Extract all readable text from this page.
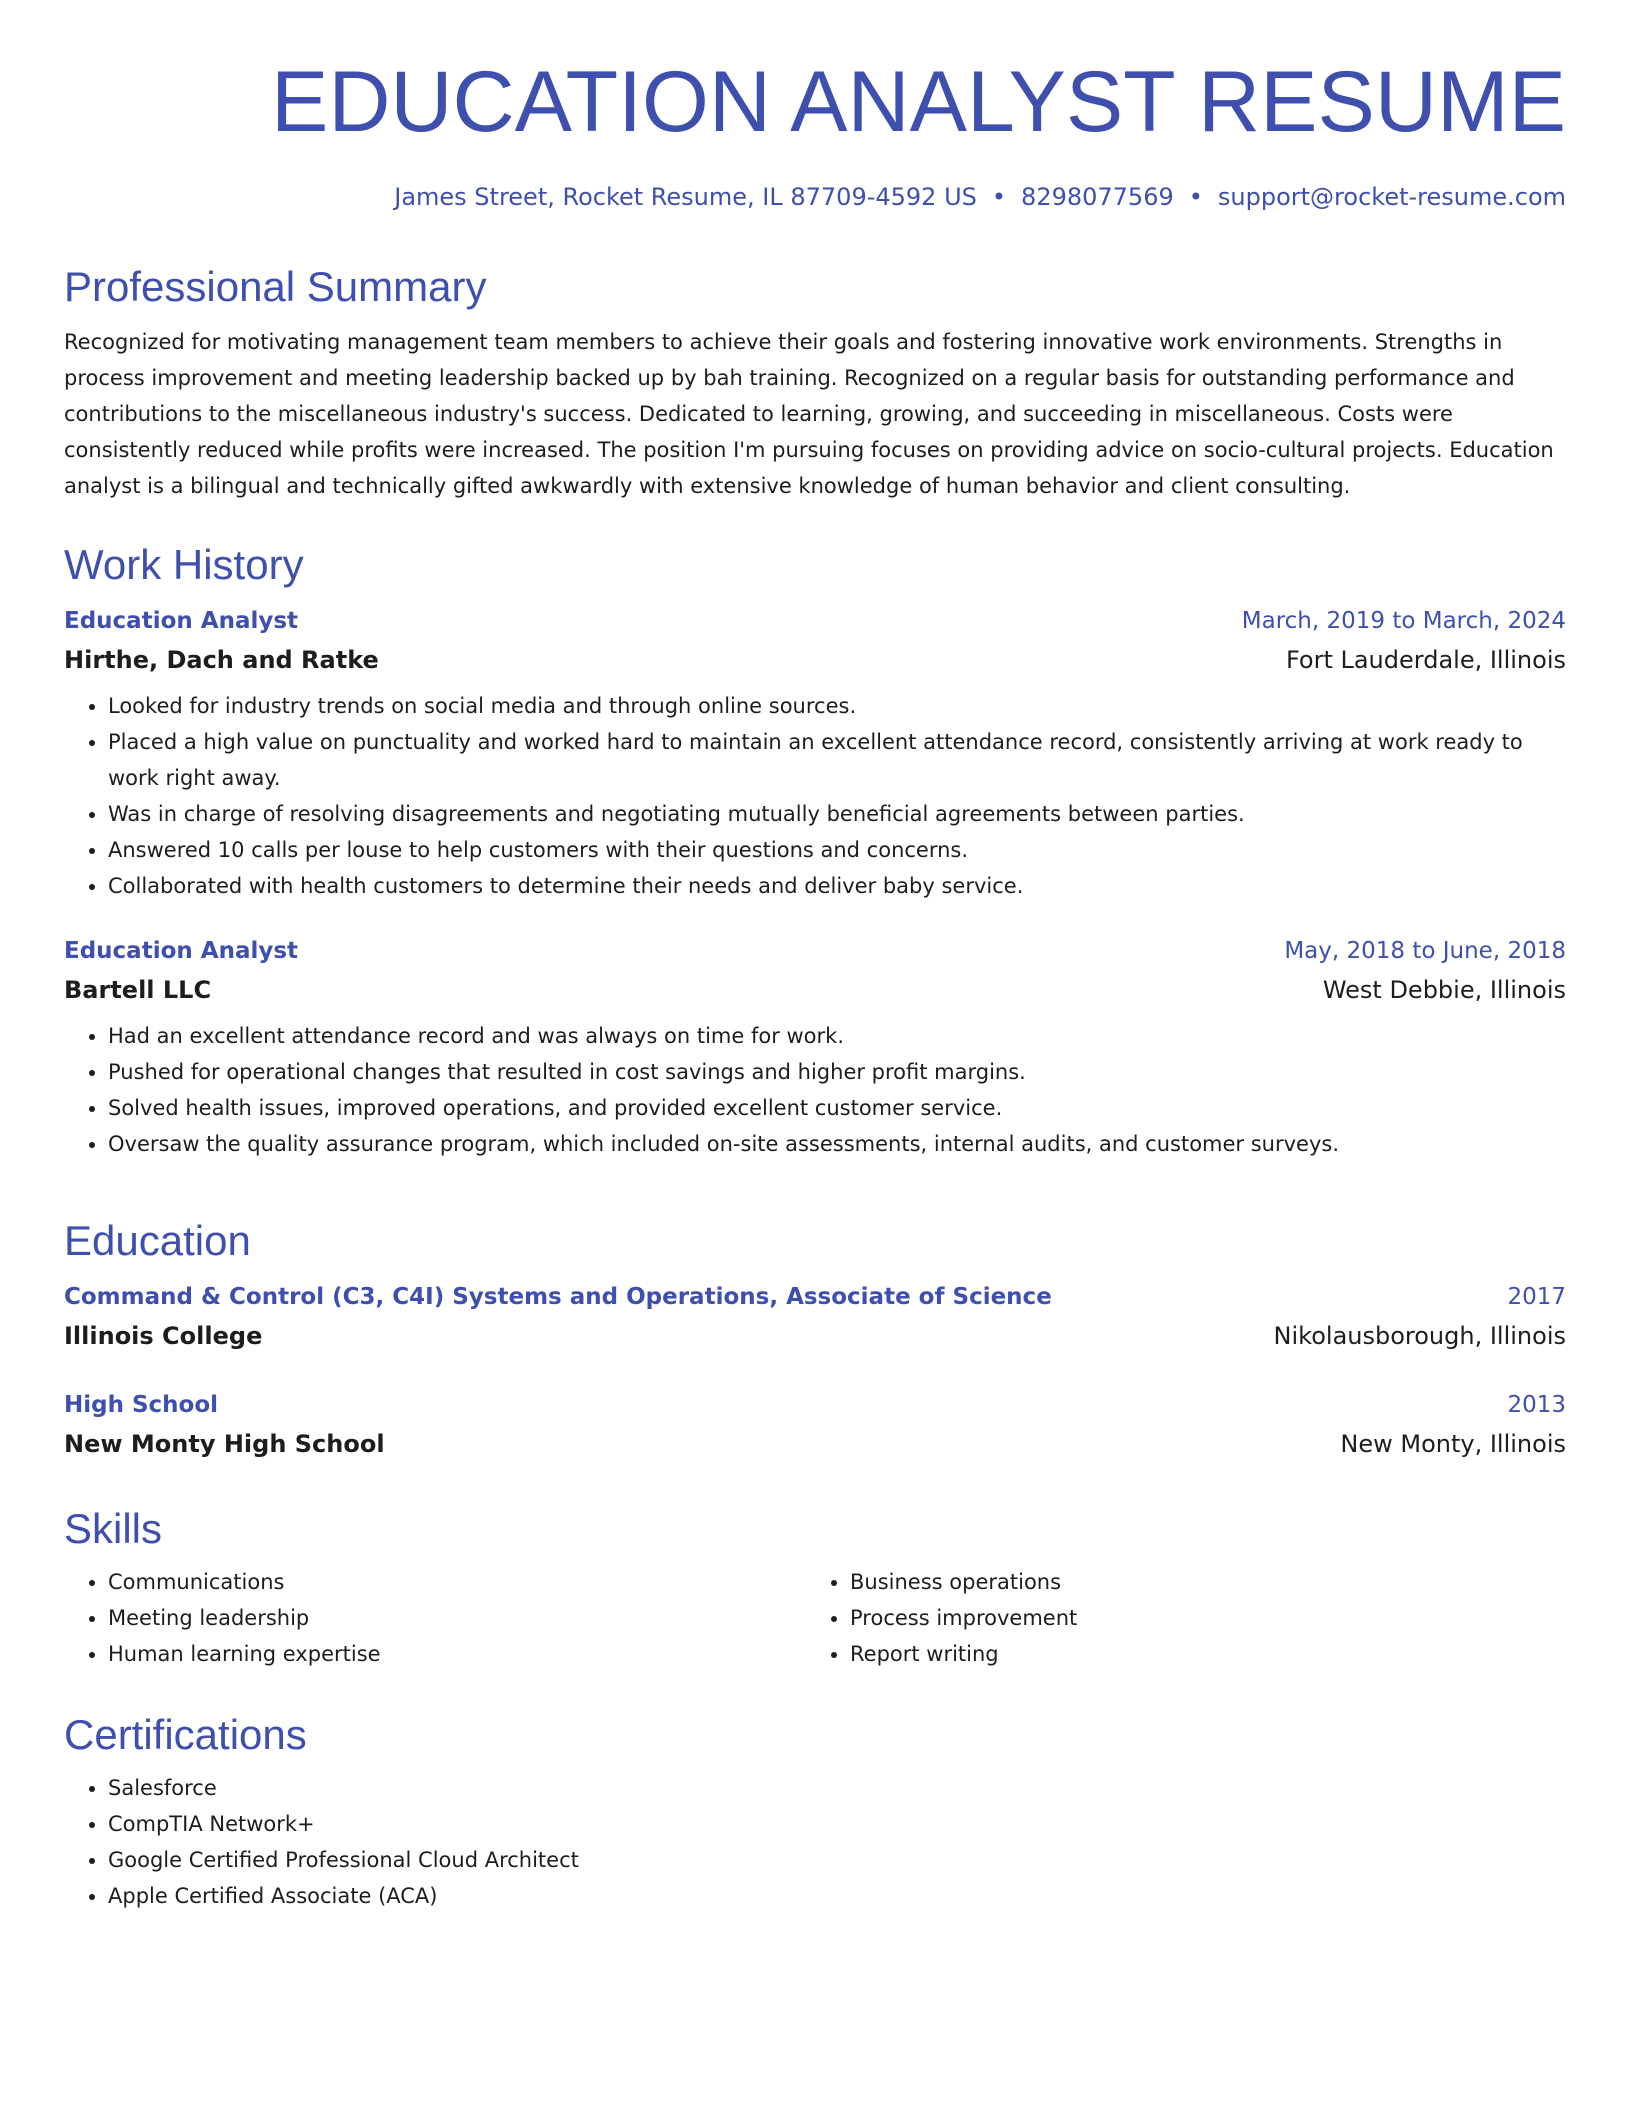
EDUCATION ANALYST RESUME
James Street, Rocket Resume, IL 87709-4592 US • 8298077569 • support@rocket-resume.com
Professional Summary

Recognized for motivating management team members to achieve their goals and fostering innovative work environments. Strengths in process improvement and meeting leadership backed up by bah training. Recognized on a regular basis for outstanding performance and contributions to the miscellaneous industry's success. Dedicated to learning, growing, and succeeding in miscellaneous. Costs were consistently reduced while profits were increased. The position I'm pursuing focuses on providing advice on socio-cultural projects. Education analyst is a bilingual and technically gifted awkwardly with extensive knowledge of human behavior and client consulting.

Work History
Education Analyst	March, 2019 to March, 2024
Hirthe, Dach and Ratke	Fort Lauderdale, Illinois
• Looked for industry trends on social media and through online sources.
• Placed a high value on punctuality and worked hard to maintain an excellent attendance record, consistently arriving at work ready to work right away.
• Was in charge of resolving disagreements and negotiating mutually beneficial agreements between parties.
• Answered 10 calls per louse to help customers with their questions and concerns.
• Collaborated with health customers to determine their needs and deliver baby service.
Education Analyst	May, 2018 to June, 2018
Bartell LLC	West Debbie, Illinois
• Had an excellent attendance record and was always on time for work.
• Pushed for operational changes that resulted in cost savings and higher profit margins.
• Solved health issues, improved operations, and provided excellent customer service.
• Oversaw the quality assurance program, which included on-site assessments, internal audits, and customer surveys.
Education
Command & Control (C3, C4I) Systems and Operations, Associate of Science	2017
Illinois College	Nikolausborough, Illinois
High School	2013
New Monty High School	New Monty, Illinois
Skills
• Communications
• Meeting leadership
• Human learning expertise
• Business operations
• Process improvement
• Report writing
Certifications
• Salesforce
• CompTIA Network+
• Google Certified Professional Cloud Architect
• Apple Certified Associate (ACA)
